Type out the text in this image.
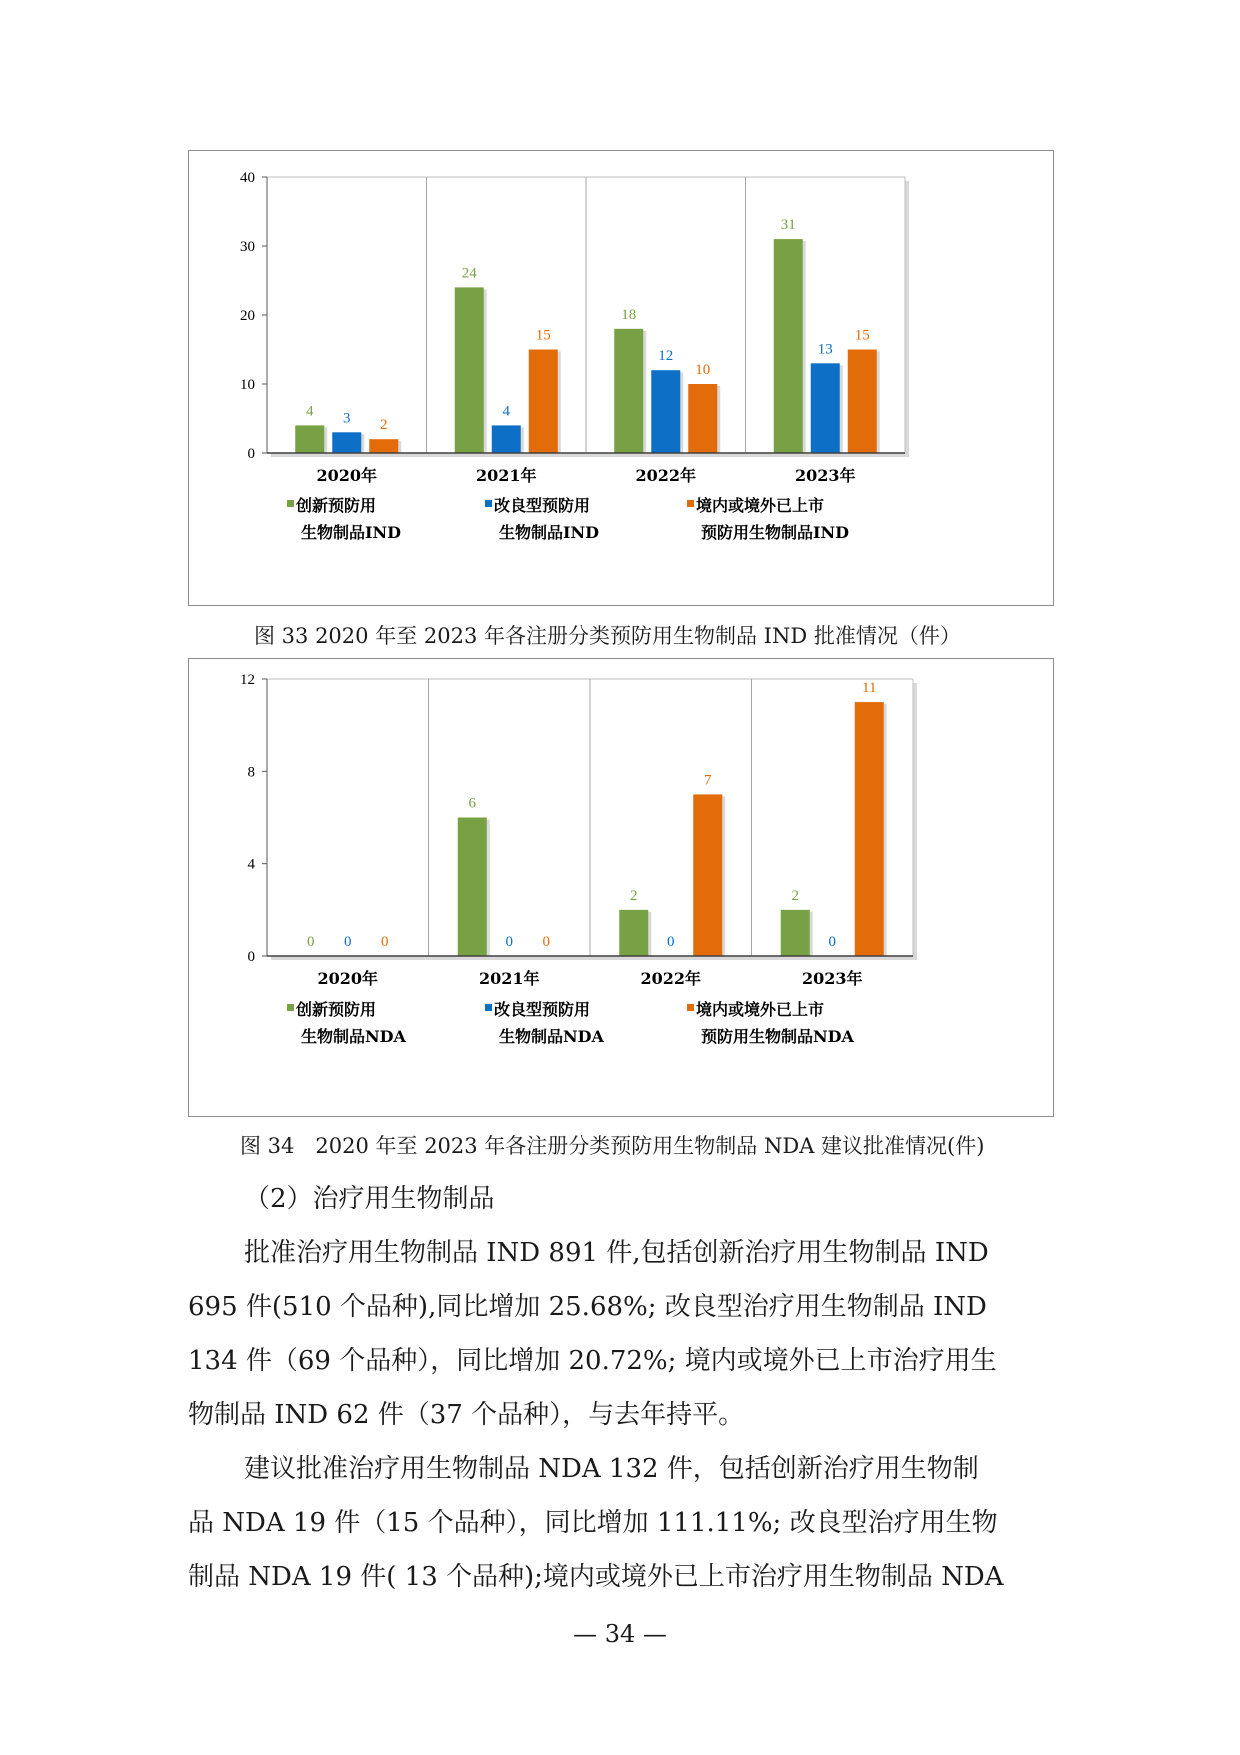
0
10
20
30
40
4 3 2
2020年
24
4
15
2021年
18
12
10
2022年
31
13
15
2023年
创新预防用
生物制品IND
改良型预防用
生物制品IND
境内或境外已上市
预防用生物制品IND
图 33 2020 年至 2023 年各注册分类预防用生物制品 IND 批准情况（件）
0
4
8
12
0 0 0
2020年
6
0 0
2021年
2
0
7
2022年
2
0
11
2023年
创新预防用
生物制品NDA
改良型预防用
生物制品NDA
境内或境外已上市
预防用生物制品NDA
图 34　2020 年至 2023 年各注册分类预防用生物制品 NDA 建议批准情况(件)
（2）治疗用生物制品
批准治疗用生物制品 IND 891 件,包括创新治疗用生物制品 IND
695 件(510 个品种),同比增加 25.68%; 改良型治疗用生物制品 IND
134 件（69 个品种），同比增加 20.72%; 境内或境外已上市治疗用生
物制品 IND 62 件（37 个品种），与去年持平。
建议批准治疗用生物制品 NDA 132 件，包括创新治疗用生物制
品 NDA 19 件（15 个品种），同比增加 111.11%; 改良型治疗用生物
制品 NDA 19 件( 13 个品种);境内或境外已上市治疗用生物制品 NDA
— 34 —
